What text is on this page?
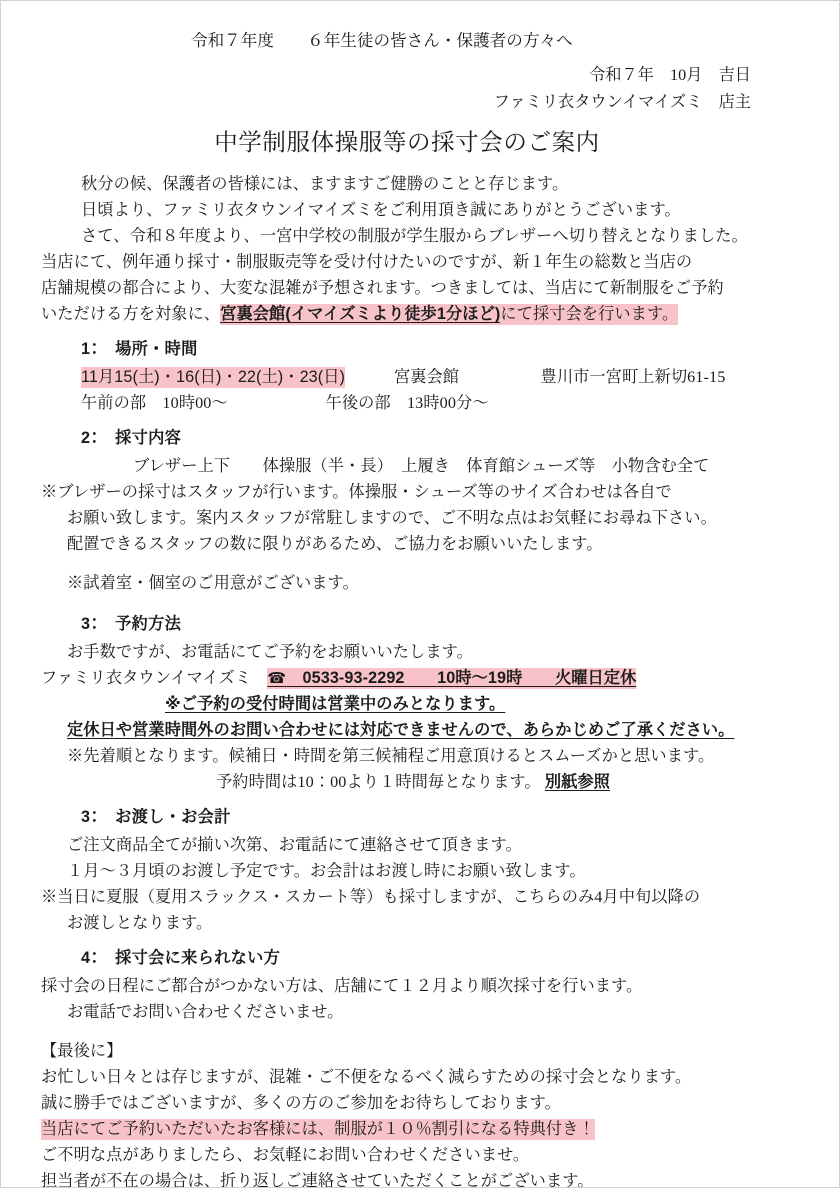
令和７年度　　６年生徒の皆さん・保護者の方々へ
令和７年　10月　吉日
ファミリ衣タウンイマイズミ　店主
中学制服体操服等の採寸会のご案内
秋分の候、保護者の皆様には、ますますご健勝のことと存じます。
日頃より、ファミリ衣タウンイマイズミをご利用頂き誠にありがとうございます。
さて、令和８年度より、一宮中学校の制服が学生服からブレザーへ切り替えとなりました。
当店にて、例年通り採寸・制服販売等を受け付けたいのですが、新１年生の総数と当店の
店舗規模の都合により、大変な混雑が予想されます。つきましては、当店にて新制服をご予約
いただける方を対象に、宮裏会館(イマイズミより徒歩1分ほど)にて採寸会を行います。
1：　場所・時間
11月15(土)・16(日)・22(土)・23(日)　　　	宮裏会館　　　　　	豊川市一宮町上新切61-15
午前の部　10時00～　　　　　　	午後の部　13時00分～
2：　採寸内容
ブレザー上下　　体操服（半・長）　上履き　体育館シューズ等　小物含む全て
※ブレザーの採寸はスタッフが行います。体操服・シューズ等のサイズ合わせは各自で
お願い致します。案内スタッフが常駐しますので、ご不明な点はお気軽にお尋ね下さい。
配置できるスタッフの数に限りがあるため、ご協力をお願いいたします。
※試着室・個室のご用意がございます。
3：　予約方法
お手数ですが、お電話にてご予約をお願いいたします。
ファミリ衣タウンイマイズミ　 ☎　 0533-93-2292　　 10時～19時　　 火曜日定休
※ご予約の受付時間は営業中のみとなります。
定休日や営業時間外のお問い合わせには対応できませんので、あらかじめご了承ください。
※先着順となります。候補日・時間を第三候補程ご用意頂けるとスムーズかと思います。
予約時間は10：00より１時間毎となります。 別紙参照
3：　お渡し・お会計
ご注文商品全てが揃い次第、お電話にて連絡させて頂きます。
１月～３月頃のお渡し予定です。お会計はお渡し時にお願い致します。
※当日に夏服（夏用スラックス・スカート等）も採寸しますが、こちらのみ4月中旬以降の
お渡しとなります。
4：　採寸会に来られない方
採寸会の日程にご都合がつかない方は、店舗にて１２月より順次採寸を行います。
お電話でお問い合わせくださいませ。
【最後に】
お忙しい日々とは存じますが、混雑・ご不便をなるべく減らすための採寸会となります。
誠に勝手ではございますが、多くの方のご参加をお待ちしております。
当店にてご予約いただいたお客様には、制服が１０％割引になる特典付き！
ご不明な点がありましたら、お気軽にお問い合わせくださいませ。
担当者が不在の場合は、折り返しご連絡させていただくことがございます。
